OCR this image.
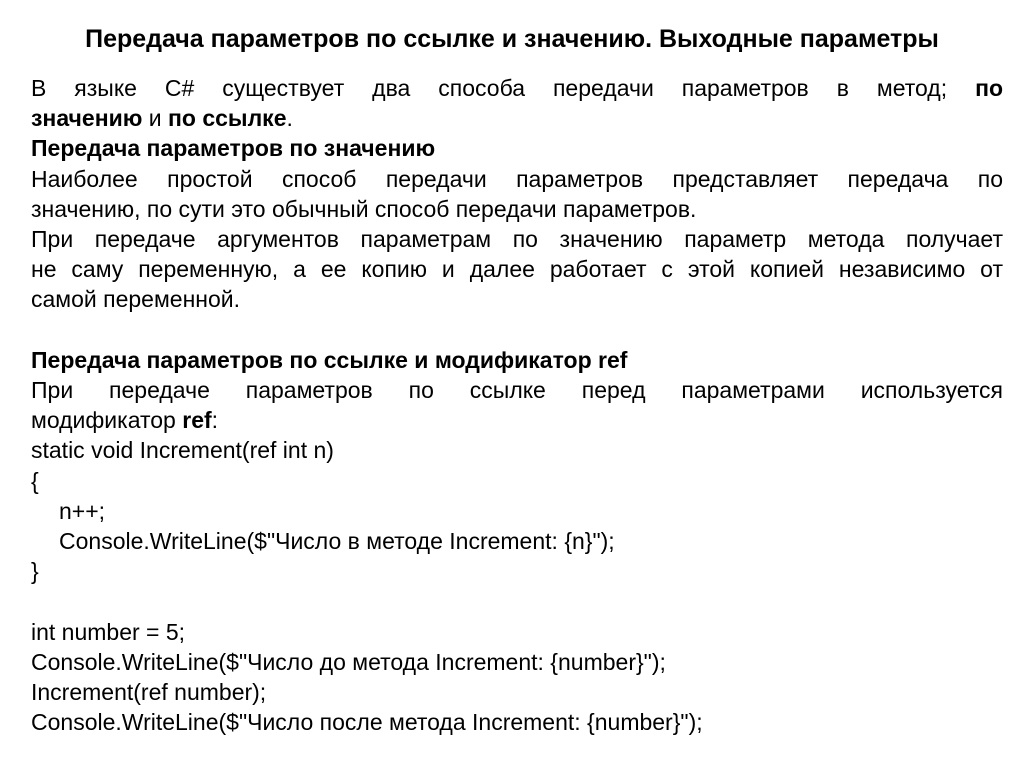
Передача параметров по ссылке и значению. Выходные параметры

В языке C# существует два способа передачи параметров в метод; по

значению и по ссылке.

Передача параметров по значению

Наиболее простой способ передачи параметров представляет передача по

значению, по сути это обычный способ передачи параметров.

При передаче аргументов параметрам по значению параметр метода получает

не саму переменную, а ее копию и далее работает с этой копией независимо от

самой переменной.

Передача параметров по ссылке и модификатор ref

При передаче параметров по ссылке перед параметрами используется

модификатор ref:

static void Increment(ref int n)

{

n++;

Console.WriteLine($"Число в методе Increment: {n}");

}

int number = 5;

Console.WriteLine($"Число до метода Increment: {number}");

Increment(ref number);

Console.WriteLine($"Число после метода Increment: {number}");
